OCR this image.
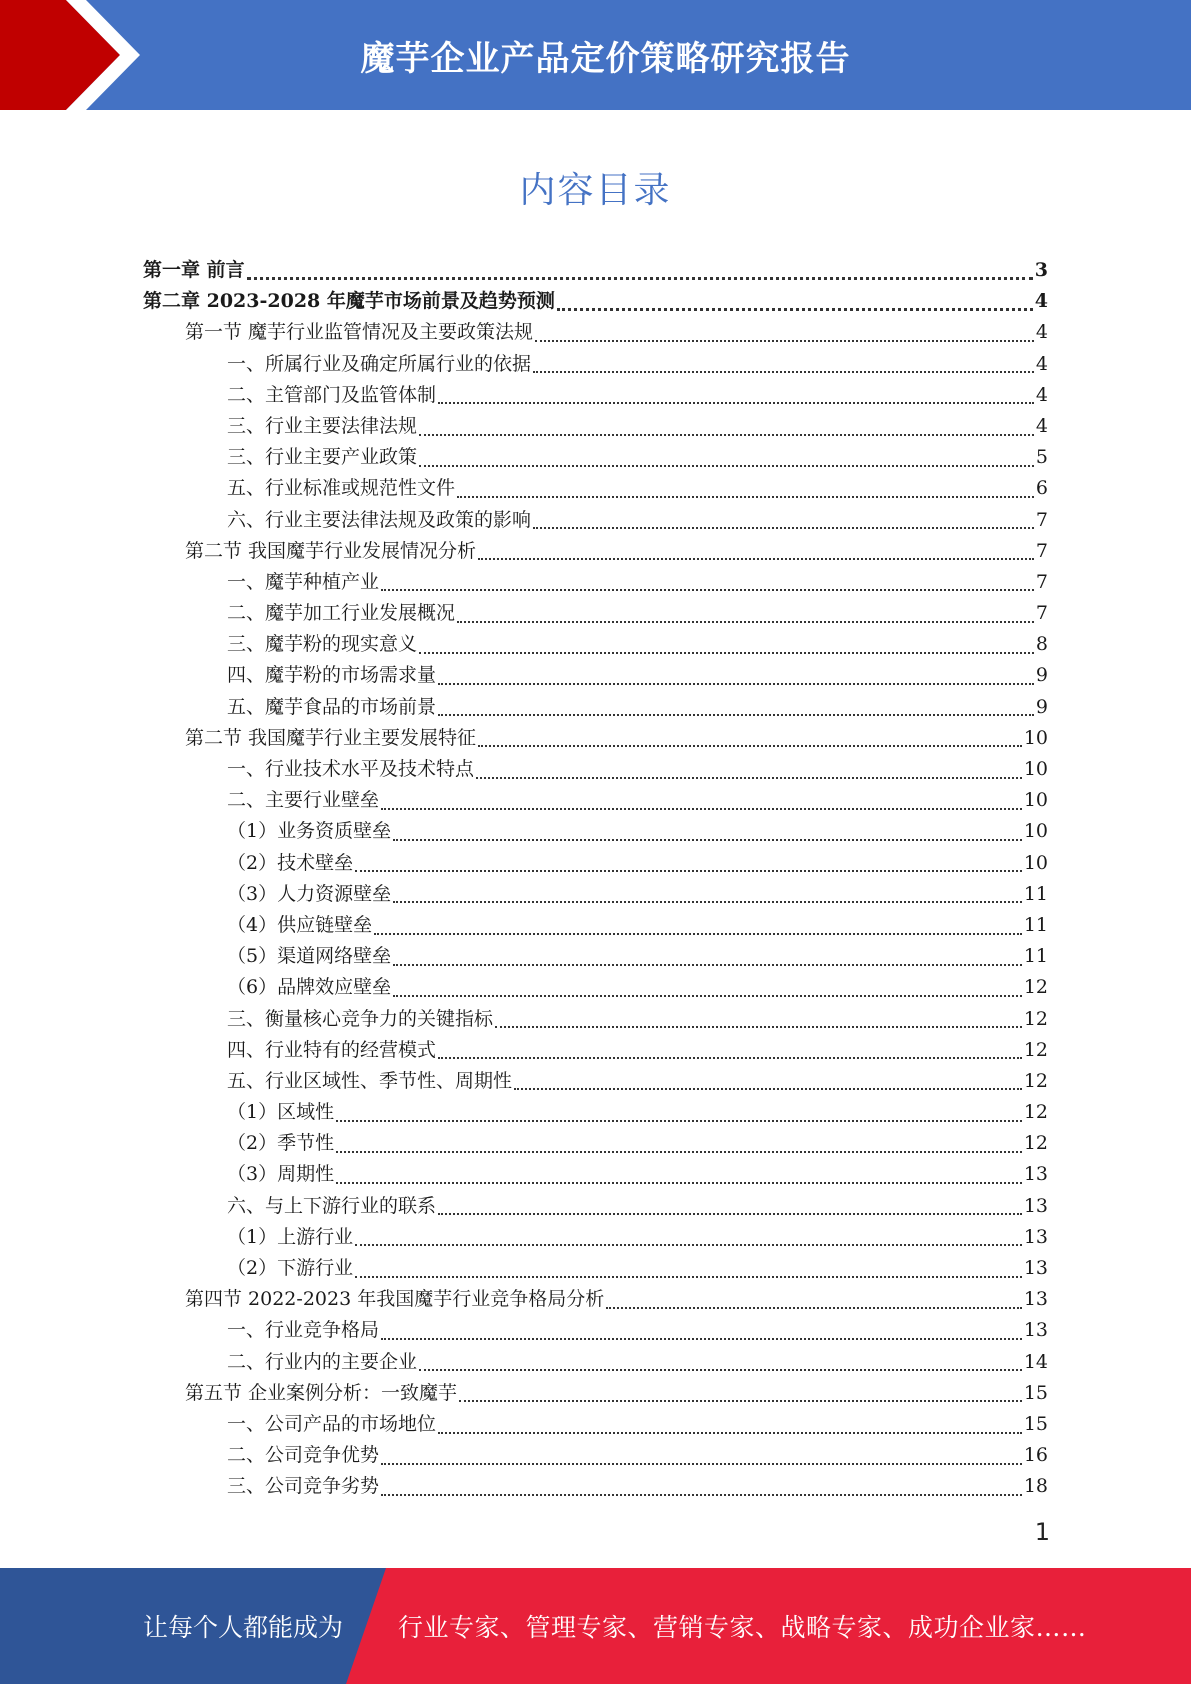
魔芋企业产品定价策略研究报告
内容目录
第一章 前言	3
第二章 2023-2028 年魔芋市场前景及趋势预测	4
第一节 魔芋行业监管情况及主要政策法规	4
一、所属行业及确定所属行业的依据	4
二、主管部门及监管体制	4
三、行业主要法律法规	4
三、行业主要产业政策	5
五、行业标准或规范性文件	6
六、行业主要法律法规及政策的影响	7
第二节 我国魔芋行业发展情况分析	7
一、魔芋种植产业	7
二、魔芋加工行业发展概况	7
三、魔芋粉的现实意义	8
四、魔芋粉的市场需求量	9
五、魔芋食品的市场前景	9
第二节 我国魔芋行业主要发展特征	10
一、行业技术水平及技术特点	10
二、主要行业壁垒	10
（1）业务资质壁垒	10
（2）技术壁垒	10
（3）人力资源壁垒	11
（4）供应链壁垒	11
（5）渠道网络壁垒	11
（6）品牌效应壁垒	12
三、衡量核心竞争力的关键指标	12
四、行业特有的经营模式	12
五、行业区域性、季节性、周期性	12
（1）区域性	12
（2）季节性	12
（3）周期性	13
六、与上下游行业的联系	13
（1）上游行业	13
（2）下游行业	13
第四节 2022-2023 年我国魔芋行业竞争格局分析	13
一、行业竞争格局	13
二、行业内的主要企业	14
第五节 企业案例分析：一致魔芋	15
一、公司产品的市场地位	15
二、公司竞争优势	16
三、公司竞争劣势	18
1
让每个人都能成为 行业专家、管理专家、营销专家、战略专家、成功企业家……
